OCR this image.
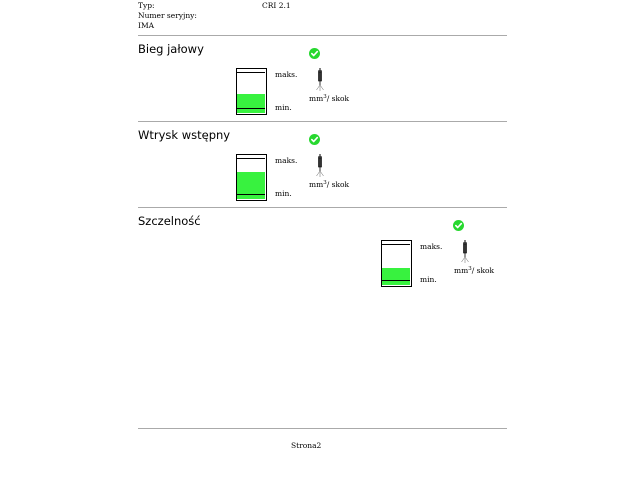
Typ:	CRI 2.1
Numer seryjny:
IMA
Bieg jałowy
maks.
min.
$mm^3/$ skok
Wtrysk wstępny
maks.
min.
$mm^3/$ skok
Szczelność
maks.
min.
$mm^3/$ skok
Strona2
